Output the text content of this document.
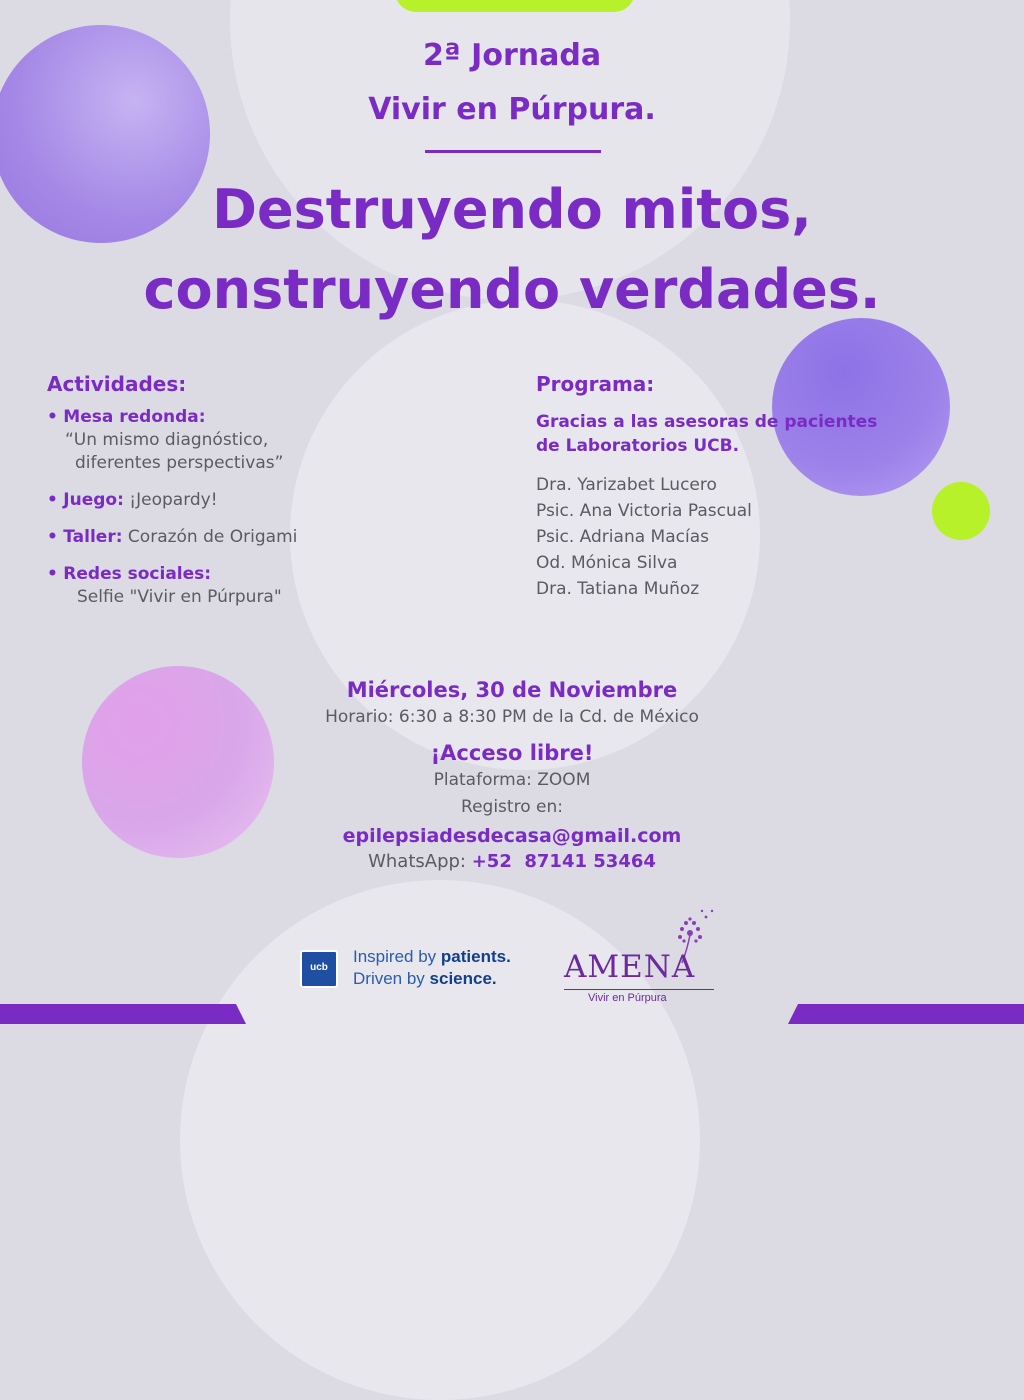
2ª Jornada
Vivir en Púrpura.
Destruyendo mitos,
construyendo verdades.
Actividades:
• Mesa redonda:
“Un mismo diagnóstico,
diferentes perspectivas”
• Juego: ¡Jeopardy!
• Taller: Corazón de Origami
• Redes sociales:
Selfie "Vivir en Púrpura"
Programa:
Gracias a las asesoras de pacientes
de Laboratorios UCB.
Dra. Yarizabet Lucero
Psic. Ana Victoria Pascual
Psic. Adriana Macías
Od. Mónica Silva
Dra. Tatiana Muñoz
Miércoles, 30 de Noviembre
Horario: 6:30 a 8:30 PM de la Cd. de México
¡Acceso libre!
Plataforma: ZOOM
Registro en:
epilepsiadesdecasa@gmail.com
WhatsApp: +52  87141 53464
ucb
Inspired by patients.
Driven by science. AMENA
Vivir en Púrpura
